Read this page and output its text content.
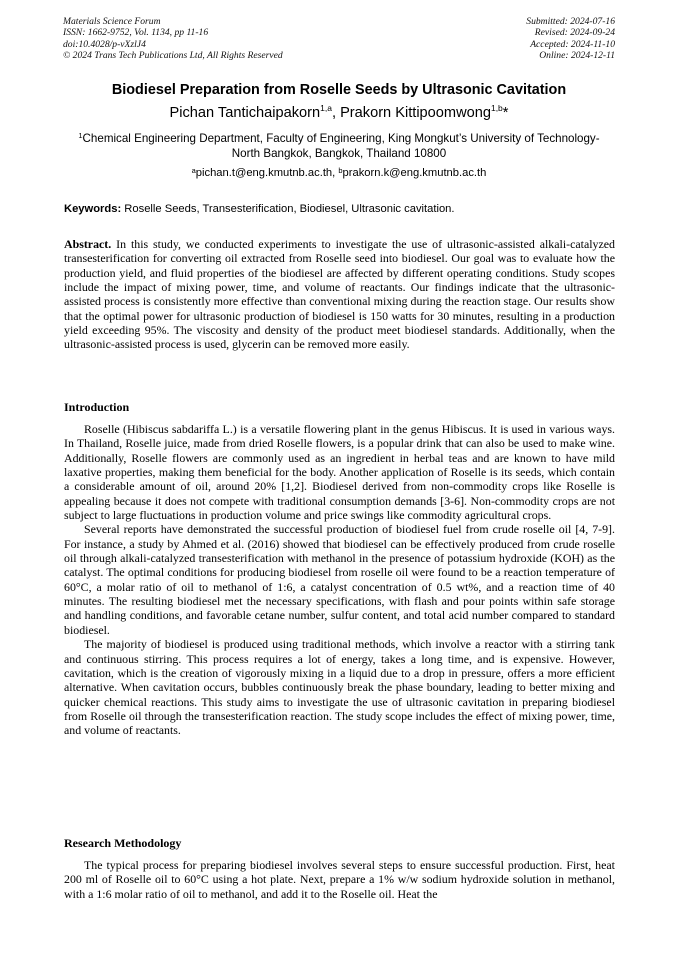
Materials Science Forum
ISSN: 1662-9752, Vol. 1134, pp 11-16
doi:10.4028/p-vXzlJ4
© 2024 Trans Tech Publications Ltd, All Rights Reserved
Submitted: 2024-07-16
Revised: 2024-09-24
Accepted: 2024-11-10
Online: 2024-12-11
Biodiesel Preparation from Roselle Seeds by Ultrasonic Cavitation
Pichan Tantichaipakorn$^{1,a}$, Prakorn Kittipoomwong$^{1,b}$*
$^1$Chemical Engineering Department, Faculty of Engineering, King Mongkut’s University of Technology-North Bangkok, Bangkok, Thailand 10800
$^a$pichan.t@eng.kmutnb.ac.th, $^b$prakorn.k@eng.kmutnb.ac.th
Keywords: Roselle Seeds, Transesterification, Biodiesel, Ultrasonic cavitation.

Abstract. In this study, we conducted experiments to investigate the use of ultrasonic-assisted alkali-catalyzed transesterification for converting oil extracted from Roselle seed into biodiesel. Our goal was to evaluate how the production yield, and fluid properties of the biodiesel are affected by different operating conditions. Study scopes include the impact of mixing power, time, and volume of reactants. Our findings indicate that the ultrasonic-assisted process is consistently more effective than conventional mixing during the reaction stage. Our results show that the optimal power for ultrasonic production of biodiesel is 150 watts for 30 minutes, resulting in a production yield exceeding 95%. The viscosity and density of the product meet biodiesel standards. Additionally, when the ultrasonic-assisted process is used, glycerin can be removed more easily.

Introduction

Roselle (Hibiscus sabdariffa L.) is a versatile flowering plant in the genus Hibiscus. It is used in various ways. In Thailand, Roselle juice, made from dried Roselle flowers, is a popular drink that can also be used to make wine. Additionally, Roselle flowers are commonly used as an ingredient in herbal teas and are known to have mild laxative properties, making them beneficial for the body. Another application of Roselle is its seeds, which contain a considerable amount of oil, around 20% [1,2]. Biodiesel derived from non-commodity crops like Roselle is appealing because it does not compete with traditional consumption demands [3-6]. Non-commodity crops are not subject to large fluctuations in production volume and price swings like commodity agricultural crops.

Several reports have demonstrated the successful production of biodiesel fuel from crude roselle oil [4, 7-9]. For instance, a study by Ahmed et al. (2016) showed that biodiesel can be effectively produced from crude roselle oil through alkali-catalyzed transesterification with methanol in the presence of potassium hydroxide (KOH) as the catalyst. The optimal conditions for producing biodiesel from roselle oil were found to be a reaction temperature of 60°C, a molar ratio of oil to methanol of 1:6, a catalyst concentration of 0.5 wt%, and a reaction time of 40 minutes. The resulting biodiesel met the necessary specifications, with flash and pour points within safe storage and handling conditions, and favorable cetane number, sulfur content, and total acid number compared to standard biodiesel.

The majority of biodiesel is produced using traditional methods, which involve a reactor with a stirring tank and continuous stirring. This process requires a lot of energy, takes a long time, and is expensive. However, cavitation, which is the creation of vigorously mixing in a liquid due to a drop in pressure, offers a more efficient alternative. When cavitation occurs, bubbles continuously break the phase boundary, leading to better mixing and quicker chemical reactions. This study aims to investigate the use of ultrasonic cavitation in preparing biodiesel from Roselle oil through the transesterification reaction. The study scope includes the effect of mixing power, time, and volume of reactants.

Research Methodology

The typical process for preparing biodiesel involves several steps to ensure successful production. First, heat 200 ml of Roselle oil to 60°C using a hot plate. Next, prepare a 1% w/w sodium hydroxide solution in methanol, with a 1:6 molar ratio of oil to methanol, and add it to the Roselle oil. Heat the
